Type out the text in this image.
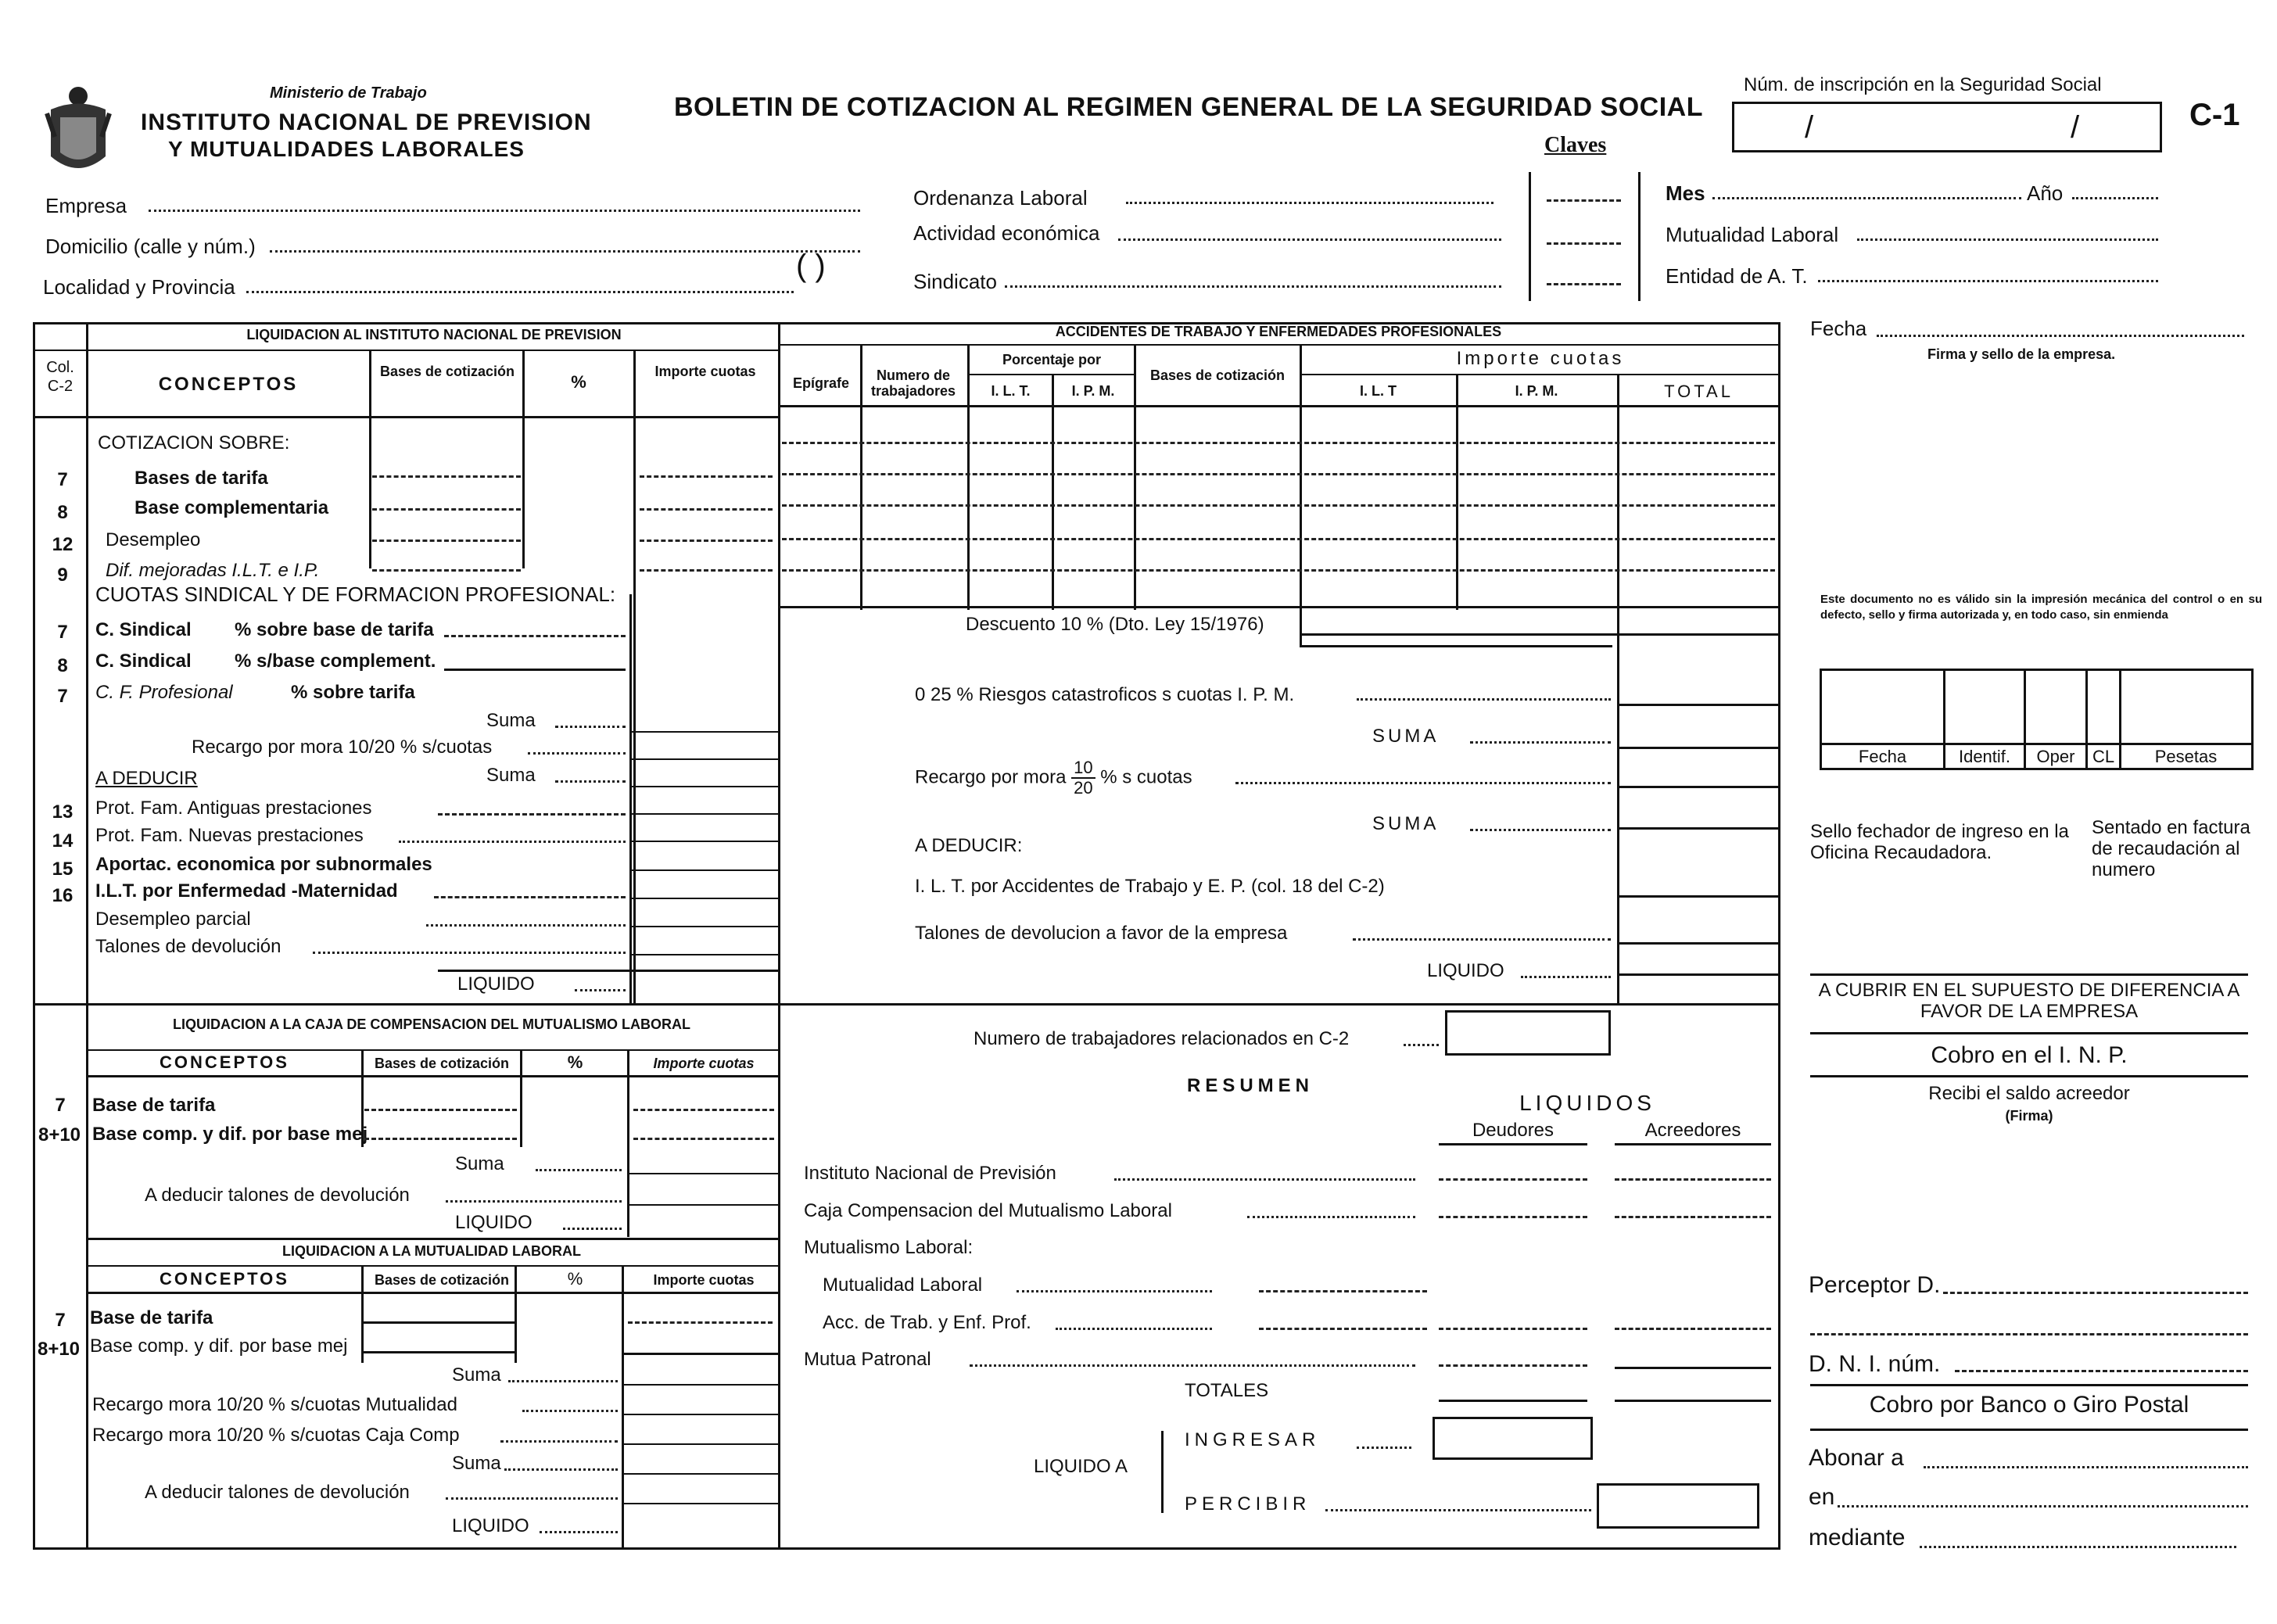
Ministerio de Trabajo
INSTITUTO NACIONAL DE PREVISION
Y MUTUALIDADES LABORALES
BOLETIN DE COTIZACION AL REGIMEN GENERAL DE LA SEGURIDAD SOCIAL
Claves
Núm. de inscripción en la Seguridad Social
/	/	C-1
Empresa
Domicilio (calle y núm.)
Localidad y Provincia
( )
Ordenanza Laboral
Actividad económica
Sindicato
Mes	Año
Mutualidad Laboral
Entidad de A. T.
LIQUIDACION AL INSTITUTO NACIONAL DE PREVISION
Col. C-2	CONCEPTOS
Bases de cotización
%
Importe cuotas
COTIZACION SOBRE:
7	Bases de tarifa
8	Base complementaria
12 Desempleo
9	Dif. mejoradas I.L.T. e I.P.
CUOTAS SINDICAL Y DE FORMACION PROFESIONAL:
7	C. Sindical % sobre base de tarifa
8	C. Sindical % s/base complement.
7	C. F. Profesional	% sobre tarifa
Suma
Recargo por mora 10/20 % s/cuotas
Suma
A DEDUCIR
13 Prot. Fam. Antiguas prestaciones
14 Prot. Fam. Nuevas prestaciones
15 Aportac. economica por subnormales
16 I.L.T. por Enfermedad -Maternidad
Desempleo parcial
Talones de devolución
LIQUIDO
ACCIDENTES DE TRABAJO Y ENFERMEDADES PROFESIONALES
Epígrafe	Numero de trabajadores
Porcentaje por
I. L. T.	I. P. M.
Bases de cotización
Importe cuotas
I. L. T	I. P. M.	TOTAL
Descuento 10 % (Dto. Ley 15/1976)
0 25 % Riesgos catastroficos s cuotas I. P. M.
SUMA
Recargo por mora $\frac{10}{20}$ % s cuotas
SUMA
A DEDUCIR:
I. L. T. por Accidentes de Trabajo y E. P. (col. 18 del C-2)
Talones de devolucion a favor de la empresa
LIQUIDO
LIQUIDACION A LA CAJA DE COMPENSACION DEL MUTUALISMO LABORAL
CONCEPTOS	Bases de cotización	%	Importe cuotas
7	Base de tarifa
8+10 Base comp. y dif. por base mej
Suma
A deducir talones de devolución
LIQUIDO
LIQUIDACION A LA MUTUALIDAD LABORAL
CONCEPTOS	Bases de cotización	%	Importe cuotas
7	Base de tarifa
8+10 Base comp. y dif. por base mej
Suma
Recargo mora 10/20 % s/cuotas Mutualidad
Recargo mora 10/20 % s/cuotas Caja Comp
Suma
A deducir talones de devolución
LIQUIDO
Numero de trabajadores relacionados en C-2
RESUMEN
LIQUIDOS
Deudores	Acreedores
Instituto Nacional de Previsión
Caja Compensacion del Mutualismo Laboral
Mutualismo Laboral:
Mutualidad Laboral
Acc. de Trab. y Enf. Prof.
Mutua Patronal
TOTALES
LIQUIDO A
INGRESAR
PERCIBIR
Fecha
Firma y sello de la empresa.
Este documento no es válido sin la impresión mecánica del control o en su defecto, sello y firma autorizada y, en todo caso, sin enmienda
Fecha	Identif.	Oper	CL	Pesetas
Sello fechador de ingreso en la Oficina Recaudadora.
Sentado en factura de recaudación al numero
A CUBRIR EN EL SUPUESTO DE DIFERENCIA A FAVOR DE LA EMPRESA
Cobro en el I. N. P.
Recibi el saldo acreedor
(Firma)
Perceptor D.
D. N. I. núm.
Cobro por Banco o Giro Postal
Abonar a
en
mediante
